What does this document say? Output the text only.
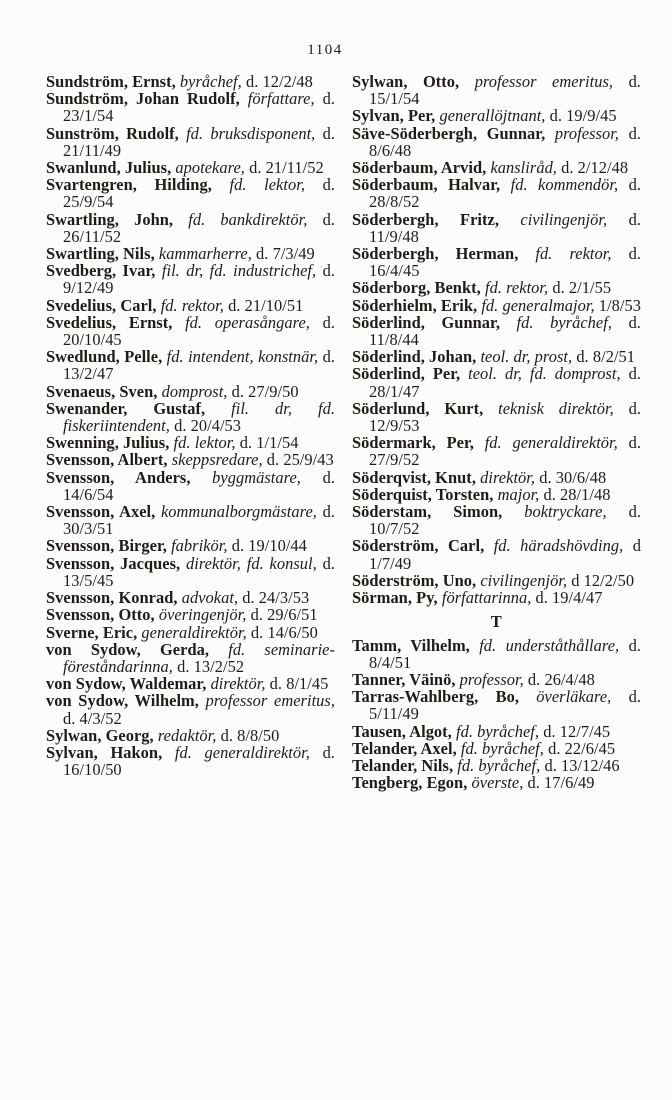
1104

Sundström, Ernst, byråchef, d. 12/2/48

Sundström, Johan Rudolf, författare, d. 23/1/54

Sunström, Rudolf, fd. bruksdisponent, d. 21/11/49

Swanlund, Julius, apotekare, d. 21/11/52

Svartengren, Hilding, fd. lektor, d. 25/9/54

Swartling, John, fd. bankdirektör, d. 26/11/52

Swartling, Nils, kammarherre, d. 7/3/49

Svedberg, Ivar, fil. dr, fd. industrichef, d. 9/12/49

Svedelius, Carl, fd. rektor, d. 21/10/51

Svedelius, Ernst, fd. operasångare, d. 20/10/45

Swedlund, Pelle, fd. intendent, konstnär, d. 13/2/47

Svenaeus, Sven, domprost, d. 27/9/50

Swenander, Gustaf, fil. dr, fd. fiskeriintendent, d. 20/4/53

Swenning, Julius, fd. lektor, d. 1/1/54

Svensson, Albert, skeppsredare, d. 25/9/43

Svensson, Anders, byggmästare, d. 14/6/54

Svensson, Axel, kommunalborgmästare, d. 30/3/51

Svensson, Birger, fabrikör, d. 19/10/44

Svensson, Jacques, direktör, fd. konsul, d. 13/5/45

Svensson, Konrad, advokat, d. 24/3/53

Svensson, Otto, överingenjör, d. 29/6/51

Sverne, Eric, generaldirektör, d. 14/6/50

von Sydow, Gerda, fd. seminarieföreståndarinna, d. 13/2/52

von Sydow, Waldemar, direktör, d. 8/1/45

von Sydow, Wilhelm, professor emeritus, d. 4/3/52

Sylwan, Georg, redaktör, d. 8/8/50

Sylvan, Hakon, fd. generaldirektör, d. 16/10/50

Sylwan, Otto, professor emeritus, d. 15/1/54

Sylvan, Per, generallöjtnant, d. 19/9/45

Säve-Söderbergh, Gunnar, professor, d. 8/6/48

Söderbaum, Arvid, kansliråd, d. 2/12/48

Söderbaum, Halvar, fd. kommendör, d. 28/8/52

Söderbergh, Fritz, civilingenjör, d. 11/9/48

Söderbergh, Herman, fd. rektor, d. 16/4/45

Söderborg, Benkt, fd. rektor, d. 2/1/55

Söderhielm, Erik, fd. generalmajor, 1/8/53

Söderlind, Gunnar, fd. byråchef, d. 11/8/44

Söderlind, Johan, teol. dr, prost, d. 8/2/51

Söderlind, Per, teol. dr, fd. domprost, d. 28/1/47

Söderlund, Kurt, teknisk direktör, d. 12/9/53

Södermark, Per, fd. generaldirektör, d. 27/9/52

Söderqvist, Knut, direktör, d. 30/6/48

Söderquist, Torsten, major, d. 28/1/48

Söderstam, Simon, boktryckare, d. 10/7/52

Söderström, Carl, fd. häradshövding, d 1/7/49

Söderström, Uno, civilingenjör, d 12/2/50

Sörman, Py, författarinna, d. 19/4/47

T

Tamm, Vilhelm, fd. underståthållare, d. 8/4/51

Tanner, Väinö, professor, d. 26/4/48

Tarras-Wahlberg, Bo, överläkare, d. 5/11/49

Tausen, Algot, fd. byråchef, d. 12/7/45

Telander, Axel, fd. byråchef, d. 22/6/45

Telander, Nils, fd. byråchef, d. 13/12/46

Tengberg, Egon, överste, d. 17/6/49
